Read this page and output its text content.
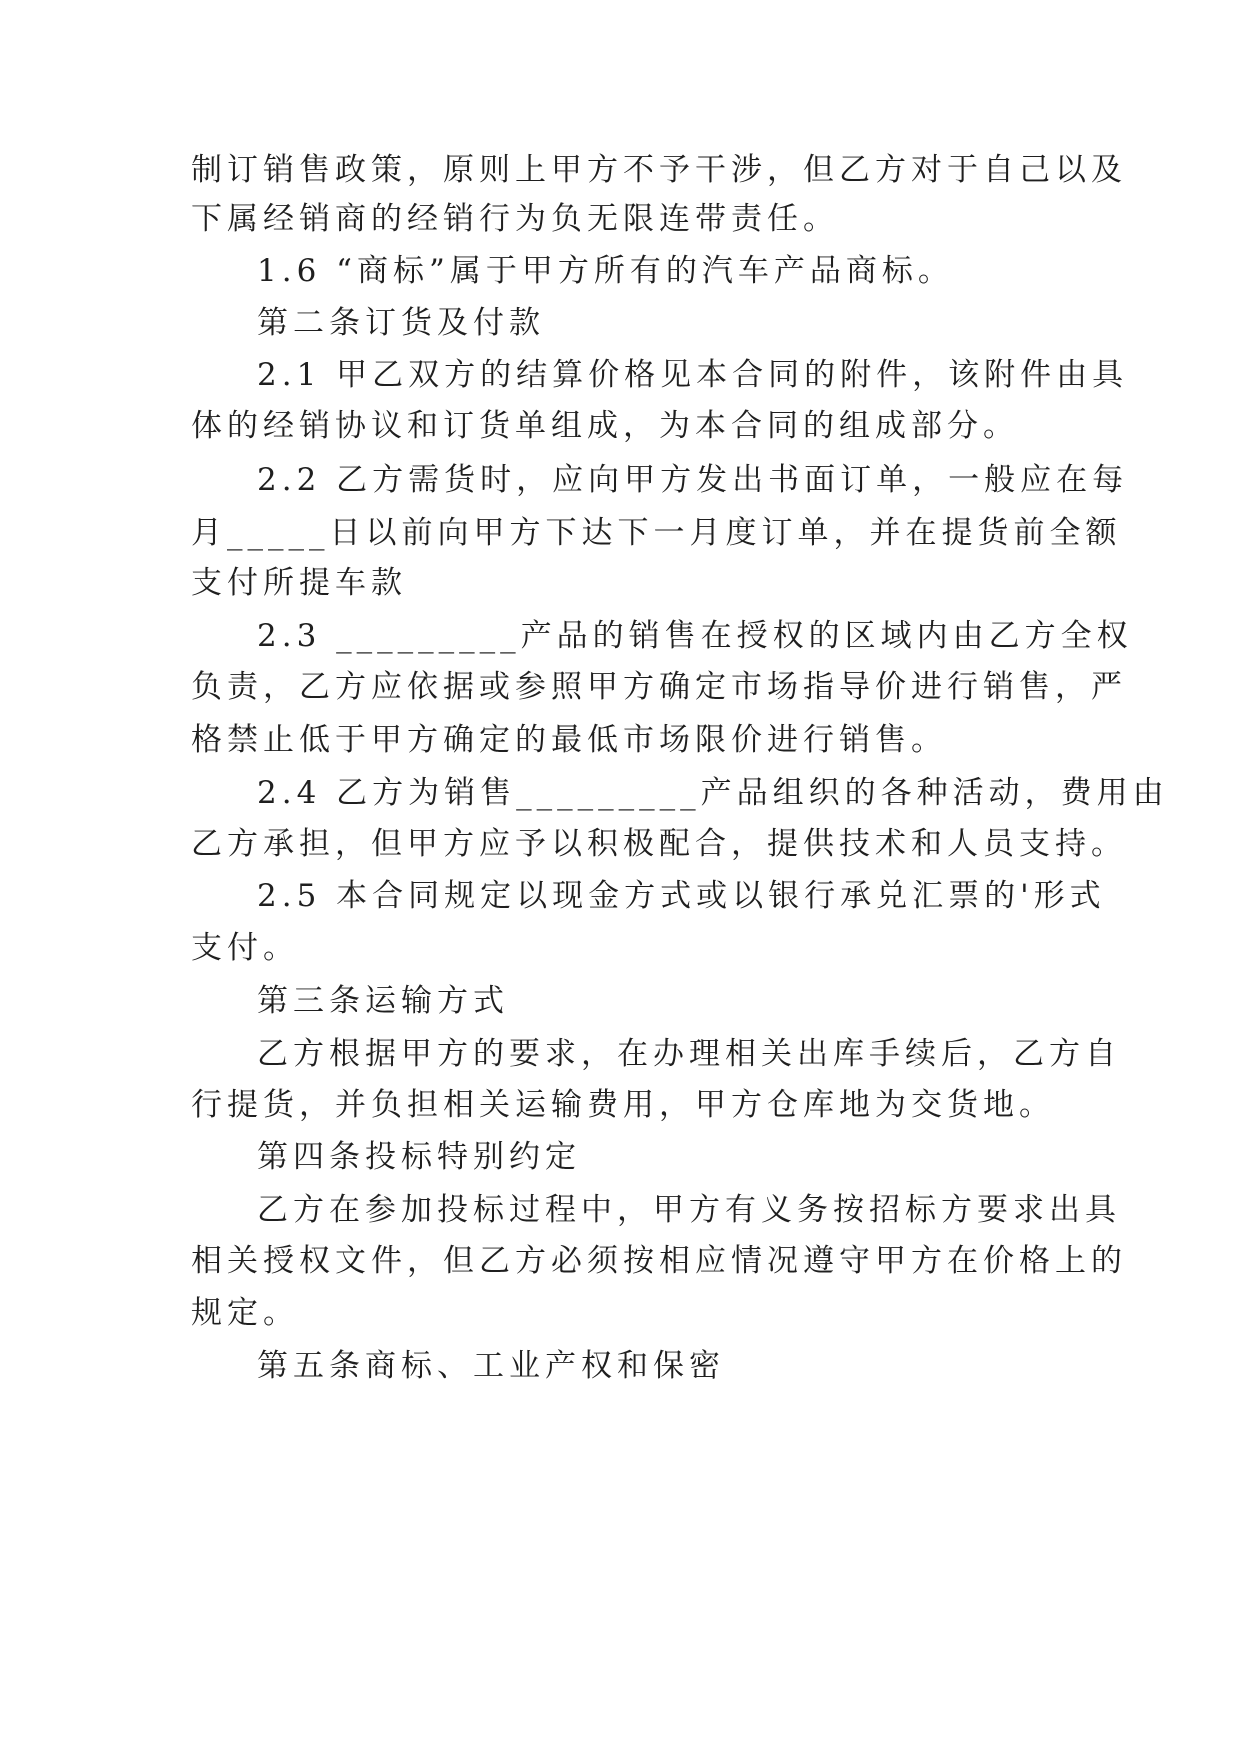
制订销售政策，原则上甲方不予干涉，但乙方对于自己以及
下属经销商的经销行为负无限连带责任。
1.6 “商标”属于甲方所有的汽车产品商标。
第二条订货及付款
2.1 甲乙双方的结算价格见本合同的附件，该附件由具
体的经销协议和订货单组成，为本合同的组成部分。
2.2 乙方需货时，应向甲方发出书面订单，一般应在每
月_____日以前向甲方下达下一月度订单，并在提货前全额
支付所提车款
2.3 _________产品的销售在授权的区域内由乙方全权
负责，乙方应依据或参照甲方确定市场指导价进行销售，严
格禁止低于甲方确定的最低市场限价进行销售。
2.4 乙方为销售_________产品组织的各种活动，费用由
乙方承担，但甲方应予以积极配合，提供技术和人员支持。
2.5 本合同规定以现金方式或以银行承兑汇票的'形式
支付。
第三条运输方式
乙方根据甲方的要求，在办理相关出库手续后，乙方自
行提货，并负担相关运输费用，甲方仓库地为交货地。
第四条投标特别约定
乙方在参加投标过程中，甲方有义务按招标方要求出具
相关授权文件，但乙方必须按相应情况遵守甲方在价格上的
规定。
第五条商标、工业产权和保密
